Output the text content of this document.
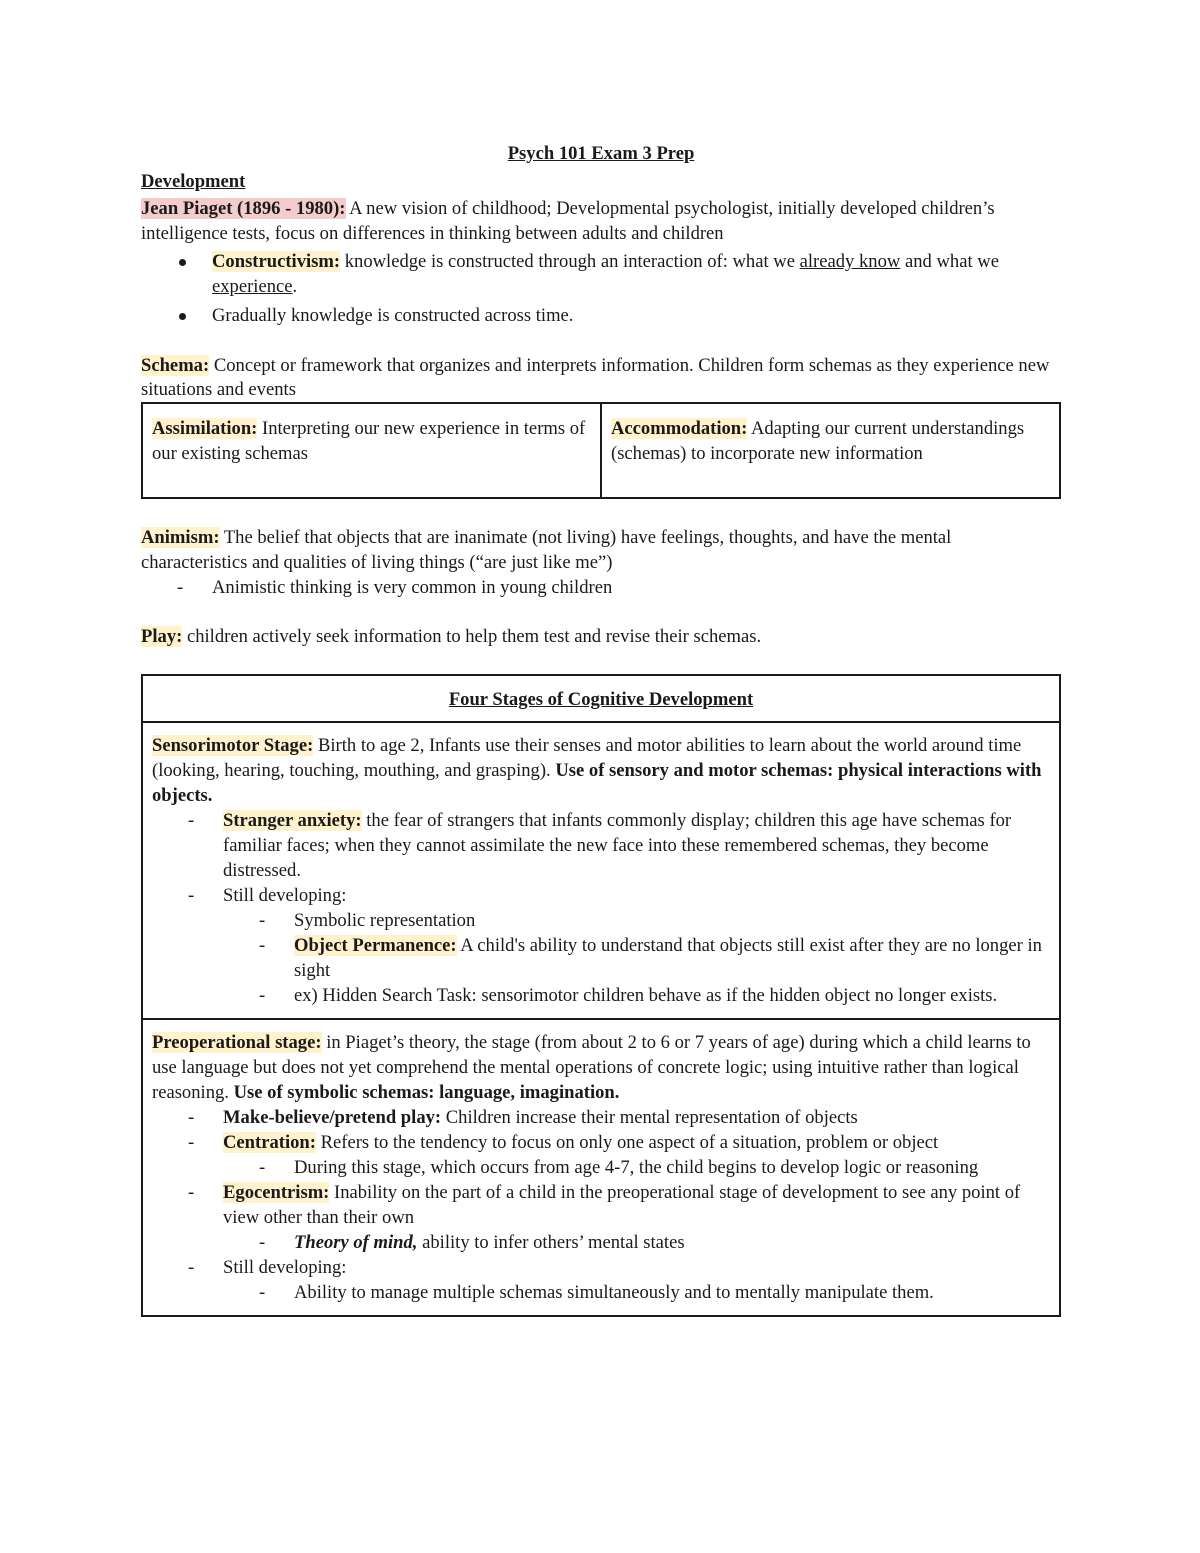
Psych 101 Exam 3 Prep

Development

Jean Piaget (1896 - 1980): A new vision of childhood; Developmental psychologist, initially developed children’s intelligence tests, focus on differences in thinking between adults and children

Constructivism: knowledge is constructed through an interaction of: what we already know and what we experience.
Gradually knowledge is constructed across time.

Schema: Concept or framework that organizes and interprets information. Children form schemas as they experience new situations and events

Assimilation: Interpreting our new experience in terms of our existing schemas	Accommodation: Adapting our current understandings (schemas) to incorporate new information

Animism: The belief that objects that are inanimate (not living) have feelings, thoughts, and have the mental characteristics and qualities of living things (“are just like me”)

- Animistic thinking is very common in young children

Play: children actively seek information to help them test and revise their schemas.

Four Stages of Cognitive Development

Sensorimotor Stage: Birth to age 2, Infants use their senses and motor abilities to learn about the world around time (looking, hearing, touching, mouthing, and grasping). Use of sensory and motor schemas: physical interactions with objects.

- Stranger anxiety: the fear of strangers that infants commonly display; children this age have schemas for familiar faces; when they cannot assimilate the new face into these remembered schemas, they become distressed.
- Still developing:
- Symbolic representation
- Object Permanence: A child's ability to understand that objects still exist after they are no longer in sight
- ex) Hidden Search Task: sensorimotor children behave as if the hidden object no longer exists.

Preoperational stage: in Piaget’s theory, the stage (from about 2 to 6 or 7 years of age) during which a child learns to use language but does not yet comprehend the mental operations of concrete logic; using intuitive rather than logical reasoning. Use of symbolic schemas: language, imagination.

- Make-believe/pretend play: Children increase their mental representation of objects
- Centration: Refers to the tendency to focus on only one aspect of a situation, problem or object
- During this stage, which occurs from age 4-7, the child begins to develop logic or reasoning
- Egocentrism: Inability on the part of a child in the preoperational stage of development to see any point of view other than their own
- Theory of mind, ability to infer others’ mental states
- Still developing:
- Ability to manage multiple schemas simultaneously and to mentally manipulate them.
